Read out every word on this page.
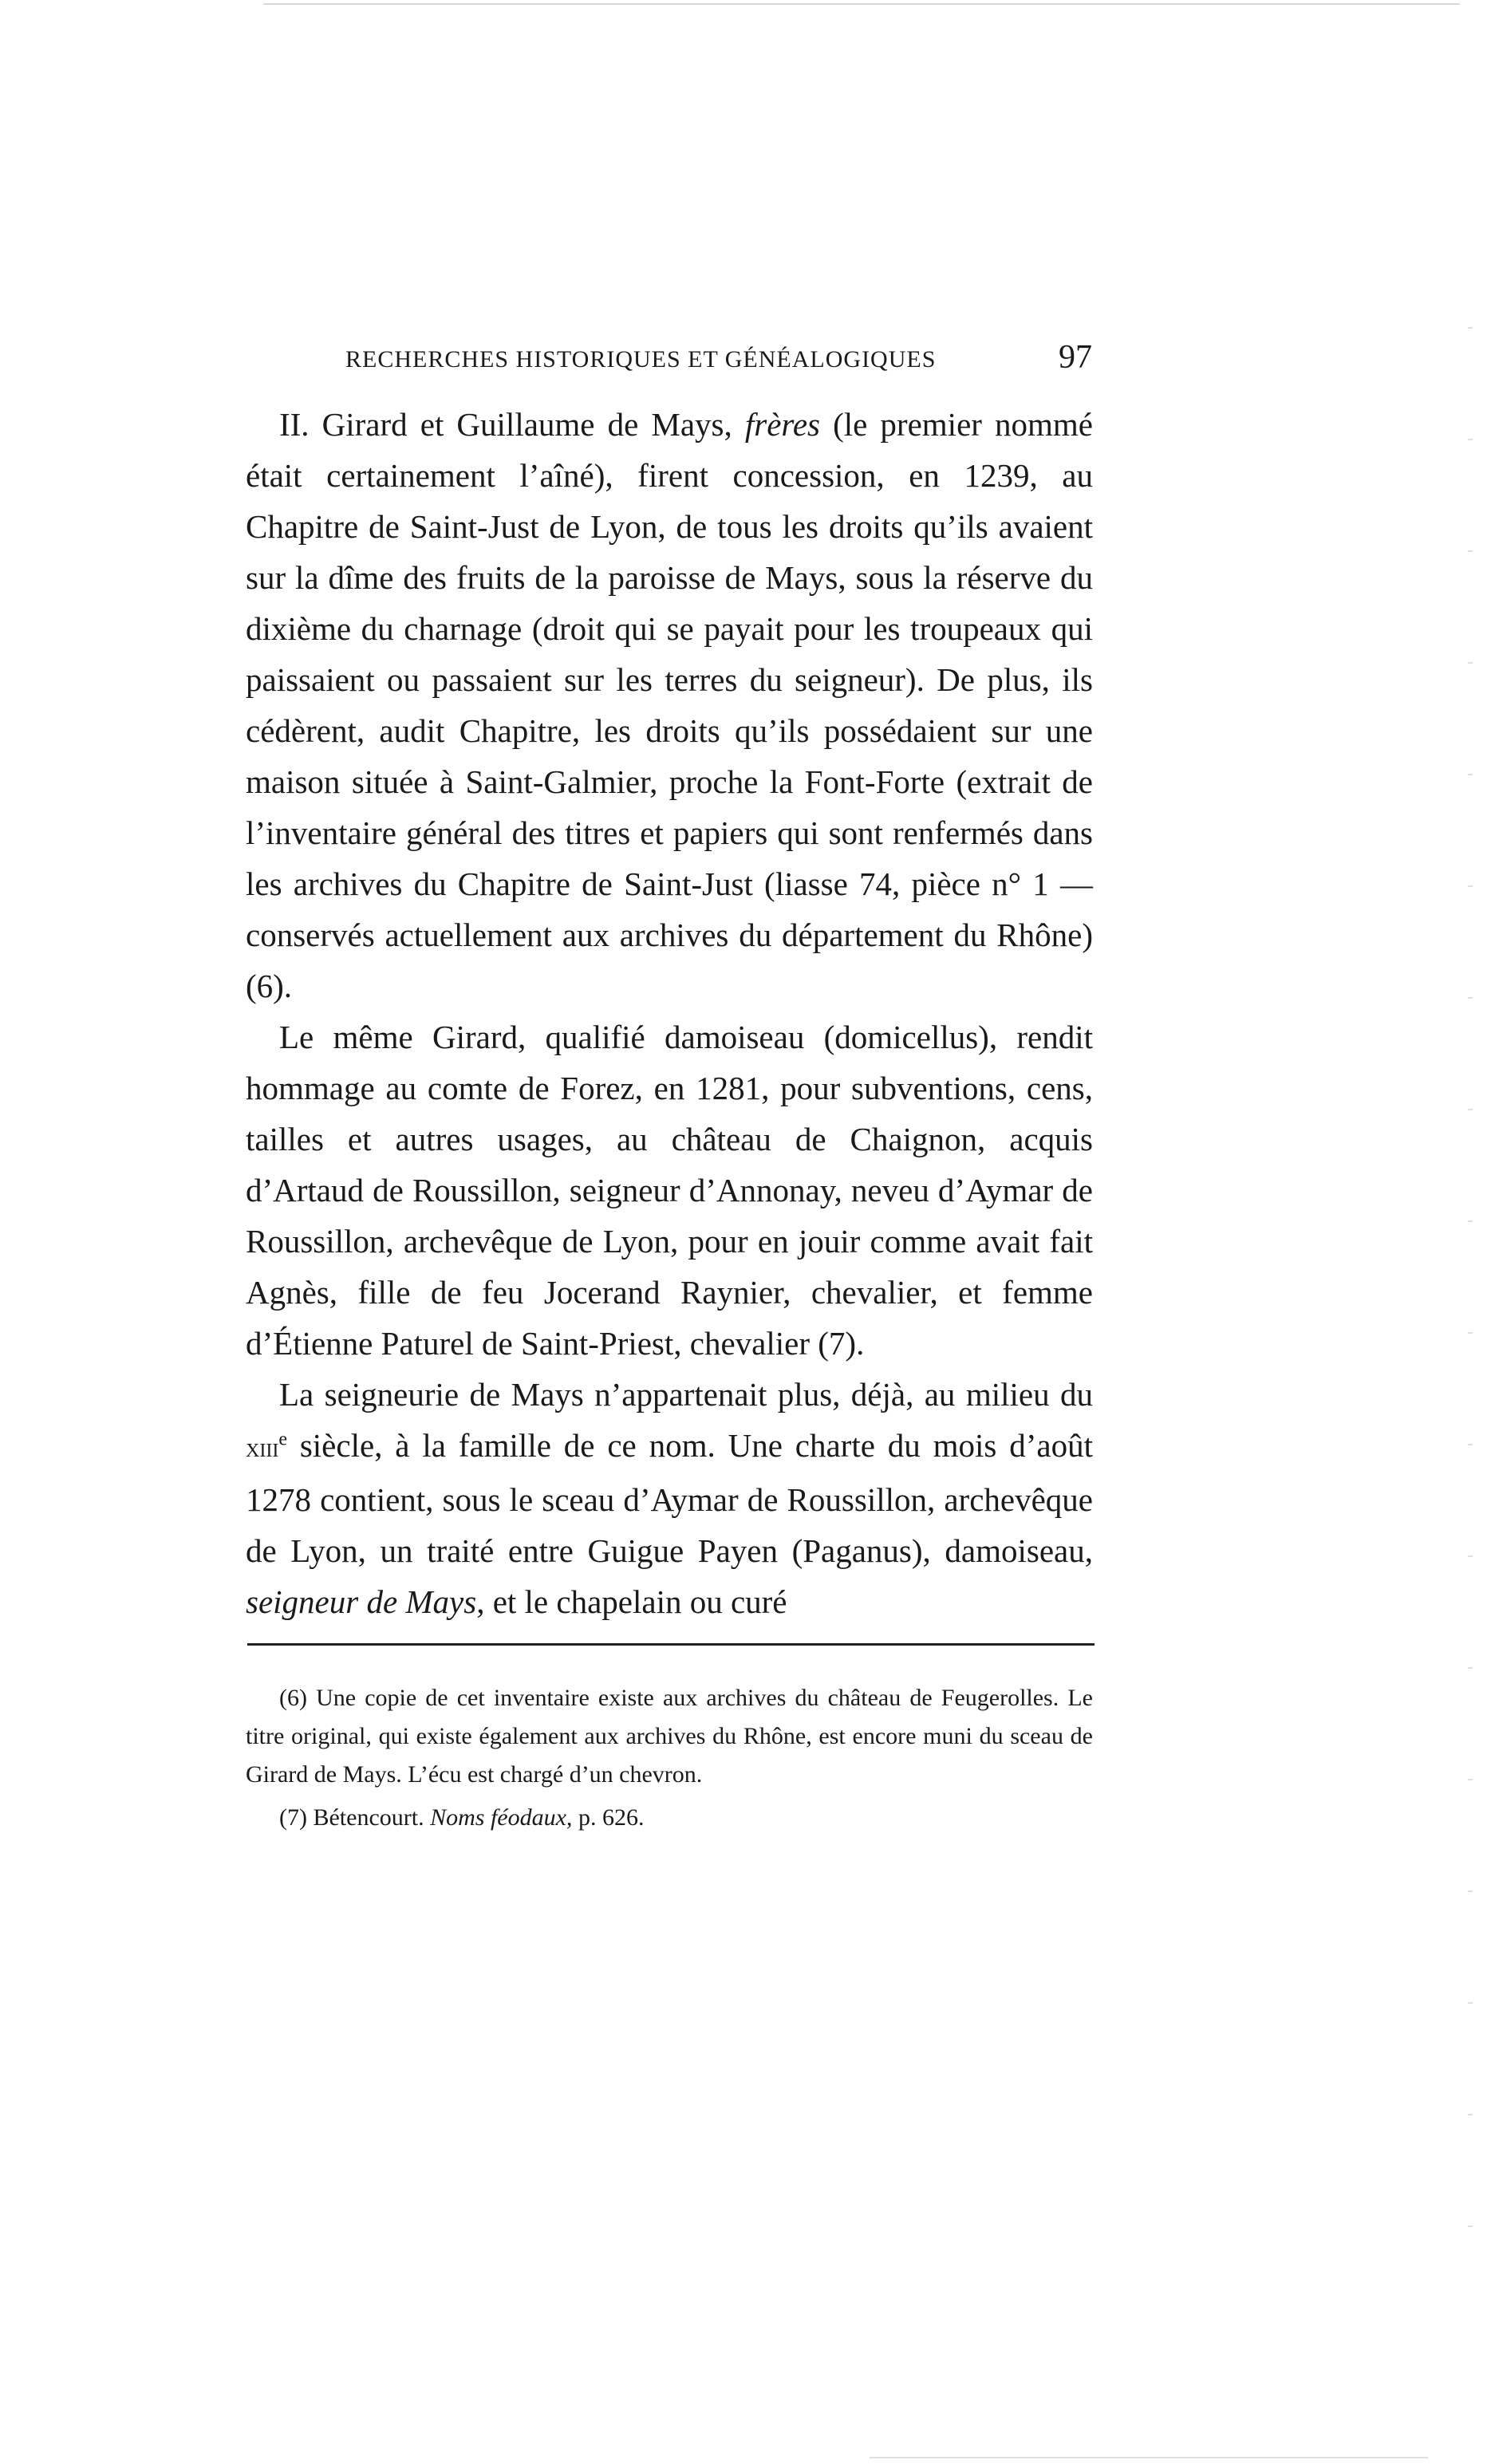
RECHERCHES HISTORIQUES ET GÉNÉALOGIQUES	97

II. Girard et Guillaume de Mays, frères (le premier nommé était certainement l’aîné), firent concession, en 1239, au Chapitre de Saint-Just de Lyon, de tous les droits qu’ils avaient sur la dîme des fruits de la paroisse de Mays, sous la réserve du dixième du charnage (droit qui se payait pour les troupeaux qui paissaient ou passaient sur les terres du seigneur). De plus, ils cédèrent, audit Chapitre, les droits qu’ils possédaient sur une maison située à Saint-Galmier, proche la Font-Forte (extrait de l’inventaire général des titres et papiers qui sont renfermés dans les archives du Chapitre de Saint-Just (liasse 74, pièce n° 1 — conservés actuellement aux archives du département du Rhône) (6).

Le même Girard, qualifié damoiseau (domicellus), rendit hommage au comte de Forez, en 1281, pour subventions, cens, tailles et autres usages, au château de Chaignon, acquis d’Artaud de Roussillon, seigneur d’Annonay, neveu d’Aymar de Roussillon, archevêque de Lyon, pour en jouir comme avait fait Agnès, fille de feu Jocerand Raynier, chevalier, et femme d’Étienne Paturel de Saint-Priest, chevalier (7).

La seigneurie de Mays n’appartenait plus, déjà, au milieu du xiii$^e$ siècle, à la famille de ce nom. Une charte du mois d’août 1278 contient, sous le sceau d’Aymar de Roussillon, archevêque de Lyon, un traité entre Guigue Payen (Paganus), damoiseau, seigneur de Mays, et le chapelain ou curé

(6) Une copie de cet inventaire existe aux archives du château de Feugerolles. Le titre original, qui existe également aux archives du Rhône, est encore muni du sceau de Girard de Mays. L’écu est chargé d’un chevron.

(7) Bétencourt. Noms féodaux, p. 626.
